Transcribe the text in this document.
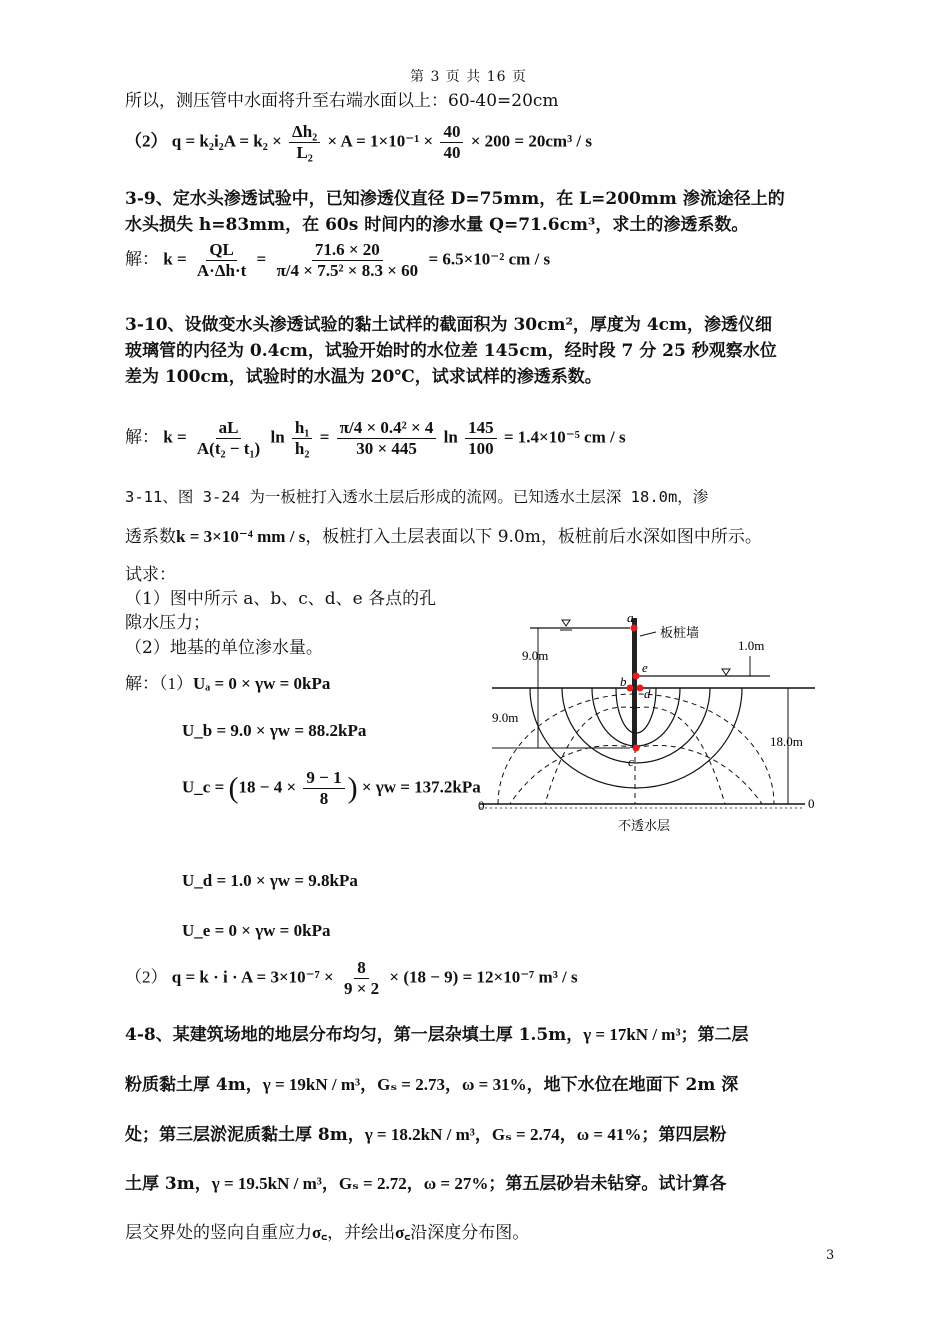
第 3 页 共 16 页
所以，测压管中水面将升至右端水面以上：60-40=20cm
（2） $q = k_2i_2A = k_2 \times \frac{\text{Δh₂}}{\text{L₂}} \times A = 1\times 10^{-1} \times \frac{40}{40} \times 200 = 20cm^3 / s$
3-9、定水头渗透试验中，已知渗透仪直径 D=75mm，在 L=200mm 渗流途径上的
水头损失 h=83mm，在 60s 时间内的渗水量 Q=71.6cm³，求土的渗透系数。
解： $k = \frac{QL}{A\cdot\Delta h\cdot t} = \frac{71.6 \times 20}{\text{π/4 × 7.5² × 8.3 × 60}} = 6.5\times 10^{-2}$ cm / s
3-10、设做变水头渗透试验的黏土试样的截面积为 30cm²，厚度为 4cm，渗透仪细
玻璃管的内径为 0.4cm，试验开始时的水位差 145cm，经时段 7 分 25 秒观察水位
差为 100cm，试验时的水温为 20℃，试求试样的渗透系数。
解： $k = \frac{aL}{\text{A(t₂ − t₁)}}$ $\ln \frac{\text{h₁}}{\text{h₂}} = \frac{\text{π/4 × 0.4² × 4}}{30 \times 445}$ $\ln \frac{145}{100} = 1.4\times 10^{-5}$ cm / s
3-11、图 3-24 为一板桩打入透水土层后形成的流网。已知透水土层深 18.0m，渗
透系数k = 3×10⁻⁴ mm / s，板桩打入土层表面以下 9.0m，板桩前后水深如图中所示。
试求：
（1）图中所示 a、b、c、d、e 各点的孔
隙水压力；
（2）地基的单位渗水量。
解：（1）Uₐ = 0 × γw = 0kPa
U_b = 9.0 × γw = 88.2kPa
U_c = ($18 - 4 \times \frac{9 - 1}{8}$ ) × γw = 137.2kPa
U_d = 1.0 × γw = 9.8kPa
U_e = 0 × γw = 0kPa
（2） $q = k \cdot i \cdot A = 3\times 10^{-7} \times \frac{8}{9 \times 2} \times (18 - 9) = 12\times 10^{-7}$ m³ / s
a
b
c
d
e
板桩墙
9.0m
9.0m
1.0m
18.0m
0	0
不透水层
4-8、某建筑场地的地层分布均匀，第一层杂填土厚 1.5m，γ = 17kN / m³；第二层
粉质黏土厚 4m，γ = 19kN / m³，Gₛ = 2.73，ω = 31%，地下水位在地面下 2m 深
处；第三层淤泥质黏土厚 8m，γ = 18.2kN / m³，Gₛ = 2.74，ω = 41%；第四层粉
土厚 3m，γ = 19.5kN / m³，Gₛ = 2.72，ω = 27%；第五层砂岩未钻穿。试计算各
层交界处的竖向自重应力σ꜀，并绘出σ꜀沿深度分布图。
3
